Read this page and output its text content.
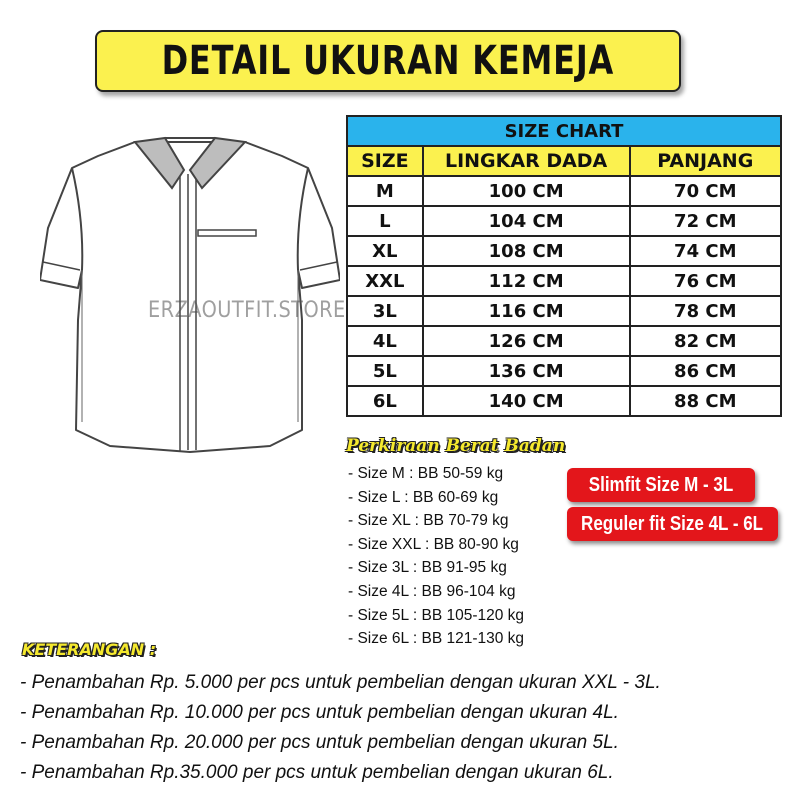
DETAIL UKURAN KEMEJA
ERZAOUTFIT.STORE
SIZE CHART		
SIZE	LINGKAR DADA	PANJANG
M	100 CM	70 CM
L	104 CM	72 CM
XL	108 CM	74 CM
XXL	112 CM	76 CM
3L	116 CM	78 CM
4L	126 CM	82 CM
5L	136 CM	86 CM
6L	140 CM	88 CM
Perkiraan Berat Badan
- Size M : BB 50-59 kg
- Size L : BB 60-69 kg
- Size XL : BB 70-79 kg
- Size XXL : BB 80-90 kg
- Size 3L : BB 91-95 kg
- Size 4L : BB 96-104 kg
- Size 5L : BB 105-120 kg
- Size 6L : BB 121-130 kg
Slimfit Size M - 3L
Reguler fit Size 4L - 6L
KETERANGAN :
- Penambahan Rp. 5.000 per pcs untuk pembelian dengan ukuran XXL - 3L.
- Penambahan Rp. 10.000 per pcs untuk pembelian dengan ukuran 4L.
- Penambahan Rp. 20.000 per pcs untuk pembelian dengan ukuran 5L.
- Penambahan Rp.35.000 per pcs untuk pembelian dengan ukuran 6L.
